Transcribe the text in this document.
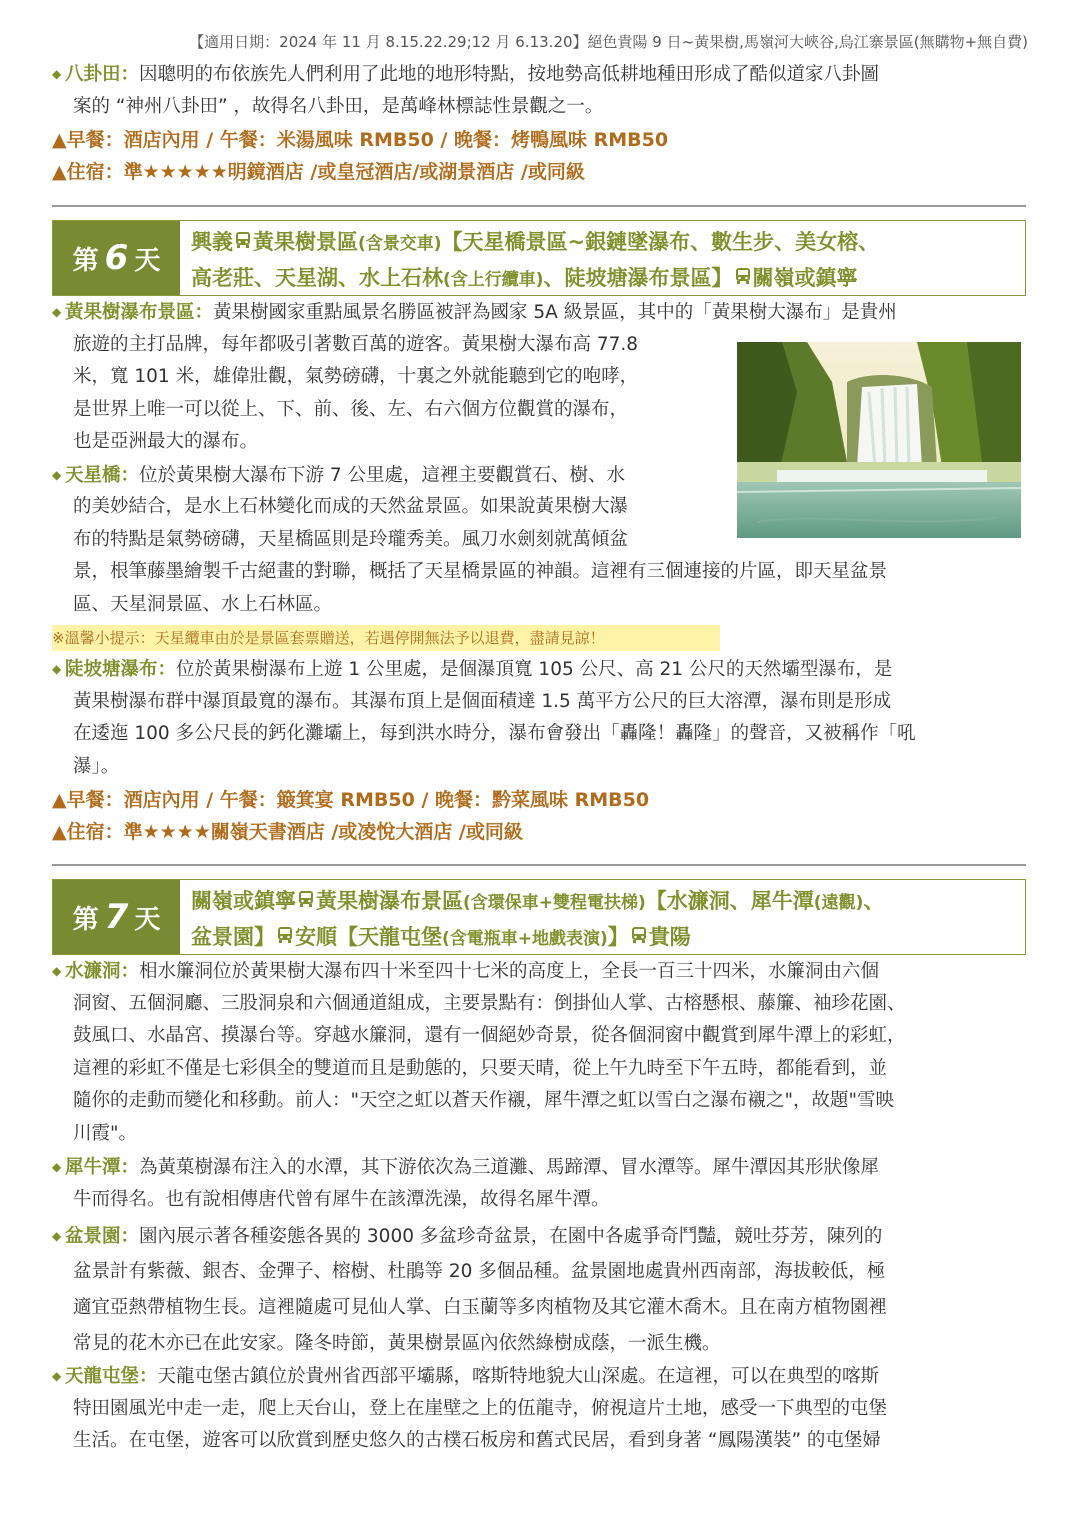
【適用日期：2024 年 11 月 8.15.22.29;12 月 6.13.20】絕色貴陽 9 日~黃果樹,馬嶺河大峽谷,烏江寨景區(無購物+無自費)
◆ 八卦田：因聰明的布依族先人們利用了此地的地形特點，按地勢高低耕地種田形成了酷似道家八卦圖
案的 “神州八卦田” ，故得名八卦田，是萬峰林標誌性景觀之一。
▲早餐：酒店內用 / 午餐：米湯風味 RMB50 / 晚餐：烤鴨風味 RMB50
▲住宿：準★★★★★明鏡酒店 /或皇冠酒店/或湖景酒店 /或同級
第 6 天
興義 黃果樹景區(含景交車)【天星橋景區~銀鏈墜瀑布、數生步、美女榕、
高老莊、天星湖、水上石林(含上行纜車)、陡坡塘瀑布景區】 關嶺或鎮寧
◆ 黃果樹瀑布景區：黃果樹國家重點風景名勝區被評為國家 5A 級景區，其中的「黃果樹大瀑布」是貴州
旅遊的主打品牌，每年都吸引著數百萬的遊客。黃果樹大瀑布高 77.8
米，寬 101 米，雄偉壯觀，氣勢磅礴，十裏之外就能聽到它的咆哮，
是世界上唯一可以從上、下、前、後、左、右六個方位觀賞的瀑布，
也是亞洲最大的瀑布。
◆ 天星橋：位於黃果樹大瀑布下游 7 公里處，這裡主要觀賞石、樹、水
的美妙結合，是水上石林變化而成的天然盆景區。如果說黃果樹大瀑
布的特點是氣勢磅礴，天星橋區則是玲瓏秀美。風刀水劍刻就萬傾盆
景，根筆藤墨繪製千古絕畫的對聯，概括了天星橋景區的神韻。這裡有三個連接的片區，即天星盆景
區、天星洞景區、水上石林區。
※溫馨小提示：天星纜車由於是景區套票贈送，若遇停開無法予以退費，盡請見諒！
◆ 陡坡塘瀑布：位於黃果樹瀑布上遊 1 公里處，是個瀑頂寬 105 公尺、高 21 公尺的天然壩型瀑布，是
黃果樹瀑布群中瀑頂最寬的瀑布。其瀑布頂上是個面積達 1.5 萬平方公尺的巨大溶潭，瀑布則是形成
在逶迤 100 多公尺長的鈣化灘壩上，每到洪水時分，瀑布會發出「轟隆！轟隆」的聲音，又被稱作「吼
瀑」。
▲早餐：酒店內用 / 午餐：簸箕宴 RMB50 / 晚餐：黔菜風味 RMB50
▲住宿：準★★★★關嶺天書酒店 /或凌悅大酒店 /或同級
第 7 天
關嶺或鎮寧 黃果樹瀑布景區(含環保車+雙程電扶梯)【水濂洞、犀牛潭(遠觀)、
盆景園】 安順【天龍屯堡(含電瓶車+地戲表演)】 貴陽
◆ 水濂洞：相水簾洞位於黃果樹大瀑布四十米至四十七米的高度上，全長一百三十四米，水簾洞由六個
洞窗、五個洞廳、三股洞泉和六個通道組成，主要景點有：倒掛仙人掌、古榕懸根、藤簾、袖珍花園、
鼓風口、水晶宮、摸瀑台等。穿越水簾洞，還有一個絕妙奇景，從各個洞窗中觀賞到犀牛潭上的彩虹，
這裡的彩虹不僅是七彩俱全的雙道而且是動態的，只要天晴，從上午九時至下午五時，都能看到，並
隨你的走動而變化和移動。前人："天空之虹以蒼天作襯，犀牛潭之虹以雪白之瀑布襯之"，故題"雪映
川霞"。
◆ 犀牛潭：為黃菓樹瀑布注入的水潭，其下游依次為三道灘、馬蹄潭、冒水潭等。犀牛潭因其形狀像犀
牛而得名。也有說相傳唐代曾有犀牛在該潭洗澡，故得名犀牛潭。
◆ 盆景園：園內展示著各種姿態各異的 3000 多盆珍奇盆景，在園中各處爭奇鬥豔，競吐芬芳，陳列的
盆景計有紫薇、銀杏、金彈子、榕樹、杜鵑等 20 多個品種。盆景園地處貴州西南部，海拔較低，極
適宜亞熱帶植物生長。這裡隨處可見仙人掌、白玉蘭等多肉植物及其它灌木喬木。且在南方植物園裡
常見的花木亦已在此安家。隆冬時節，黃果樹景區內依然綠樹成蔭，一派生機。
◆ 天龍屯堡：天龍屯堡古鎮位於貴州省西部平壩縣，喀斯特地貌大山深處。在這裡，可以在典型的喀斯
特田園風光中走一走，爬上天台山，登上在崖壁之上的伍龍寺，俯視這片土地，感受一下典型的屯堡
生活。在屯堡，遊客可以欣賞到歷史悠久的古樸石板房和舊式民居，看到身著 “鳳陽漢裝” 的屯堡婦
